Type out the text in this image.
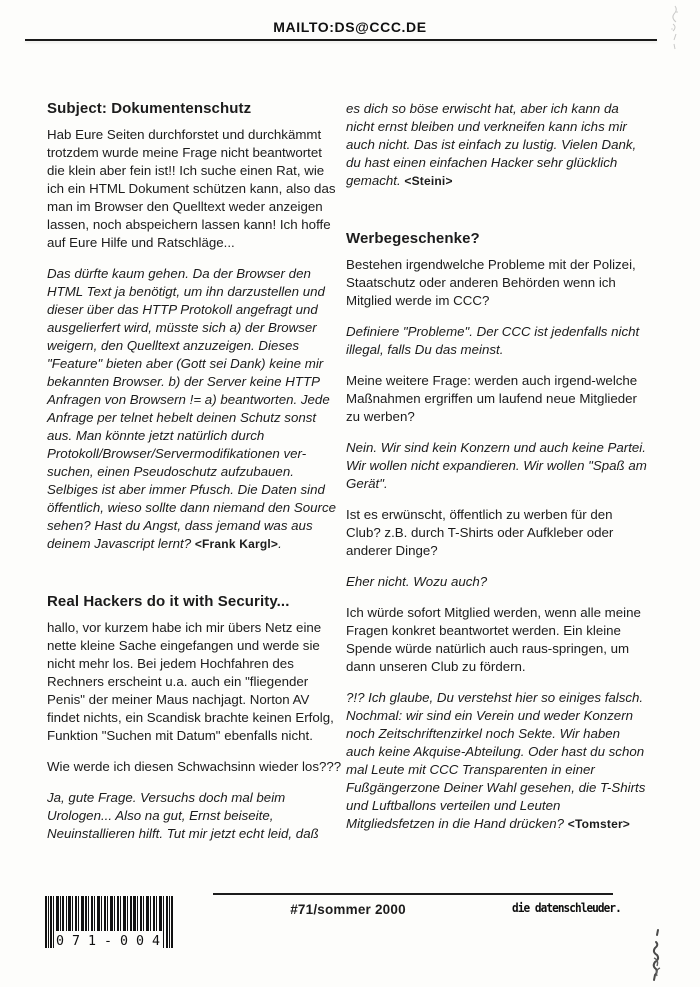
MAILTO:DS@CCC.DE
Subject: Dokumentenschutz

Hab Eure Seiten durchforstet und durchkämmt trotzdem wurde meine Frage nicht beantwortet die klein aber fein ist!! Ich suche einen Rat, wie ich ein HTML Dokument schützen kann, also das man im Browser den Quelltext weder anzeigen lassen, noch abspeichern lassen kann! Ich hoffe auf Eure Hilfe und Ratschläge...

Das dürfte kaum gehen. Da der Browser den HTML Text ja benötigt, um ihn darzustellen und dieser über das HTTP Protokoll angefragt und ausgelierfert wird, müsste sich a) der Browser weigern, den Quelltext anzuzeigen. Dieses "Feature" bieten aber (Gott sei Dank) keine mir bekannten Browser. b) der Server keine HTTP Anfragen von Browsern != a) beantworten. Jede Anfrage per telnet hebelt deinen Schutz sonst aus. Man könnte jetzt natürlich durch Protokoll/Browser/Servermodifikationen ver-suchen, einen Pseudoschutz aufzubauen. Selbiges ist aber immer Pfusch. Die Daten sind öffentlich, wieso sollte dann niemand den Source sehen? Hast du Angst, dass jemand was aus deinem Javascript lernt? <Frank Kargl>.

Real Hackers do it with Security...

hallo, vor kurzem habe ich mir übers Netz eine nette kleine Sache eingefangen und werde sie nicht mehr los. Bei jedem Hochfahren des Rechners erscheint u.a. auch ein "fliegender Penis" der meiner Maus nachjagt. Norton AV findet nichts, ein Scandisk brachte keinen Erfolg, Funktion "Suchen mit Datum" ebenfalls nicht.

Wie werde ich diesen Schwachsinn wieder los???

Ja, gute Frage. Versuchs doch mal beim Urologen... Also na gut, Ernst beiseite, Neuinstallieren hilft. Tut mir jetzt echt leid, daß

es dich so böse erwischt hat, aber ich kann da nicht ernst bleiben und verkneifen kann ichs mir auch nicht. Das ist einfach zu lustig. Vielen Dank, du hast einen einfachen Hacker sehr glücklich gemacht. <Steini>

Werbegeschenke?

Bestehen irgendwelche Probleme mit der Polizei, Staatschutz oder anderen Behörden wenn ich Mitglied werde im CCC?

Definiere "Probleme". Der CCC ist jedenfalls nicht illegal, falls Du das meinst.

Meine weitere Frage: werden auch irgend-welche Maßnahmen ergriffen um laufend neue Mitglieder zu werben?

Nein. Wir sind kein Konzern und auch keine Partei. Wir wollen nicht expandieren. Wir wollen "Spaß am Gerät".

Ist es erwünscht, öffentlich zu werben für den Club? z.B. durch T-Shirts oder Aufkleber oder anderer Dinge?

Eher nicht. Wozu auch?

Ich würde sofort Mitglied werden, wenn alle meine Fragen konkret beantwortet werden. Ein kleine Spende würde natürlich auch raus-springen, um dann unseren Club zu fördern.

?!? Ich glaube, Du verstehst hier so einiges falsch. Nochmal: wir sind ein Verein und weder Konzern noch Zeitschriftenzirkel noch Sekte. Wir haben auch keine Akquise-Abteilung. Oder hast du schon mal Leute mit CCC Transparenten in einer Fußgängerzone Deiner Wahl gesehen, die T-Shirts und Luftballons verteilen und Leuten Mitgliedsfetzen in die Hand drücken? <Tomster>

0 7 1 - 0 0 4
#71/sommer 2000	die datenschleuder.
